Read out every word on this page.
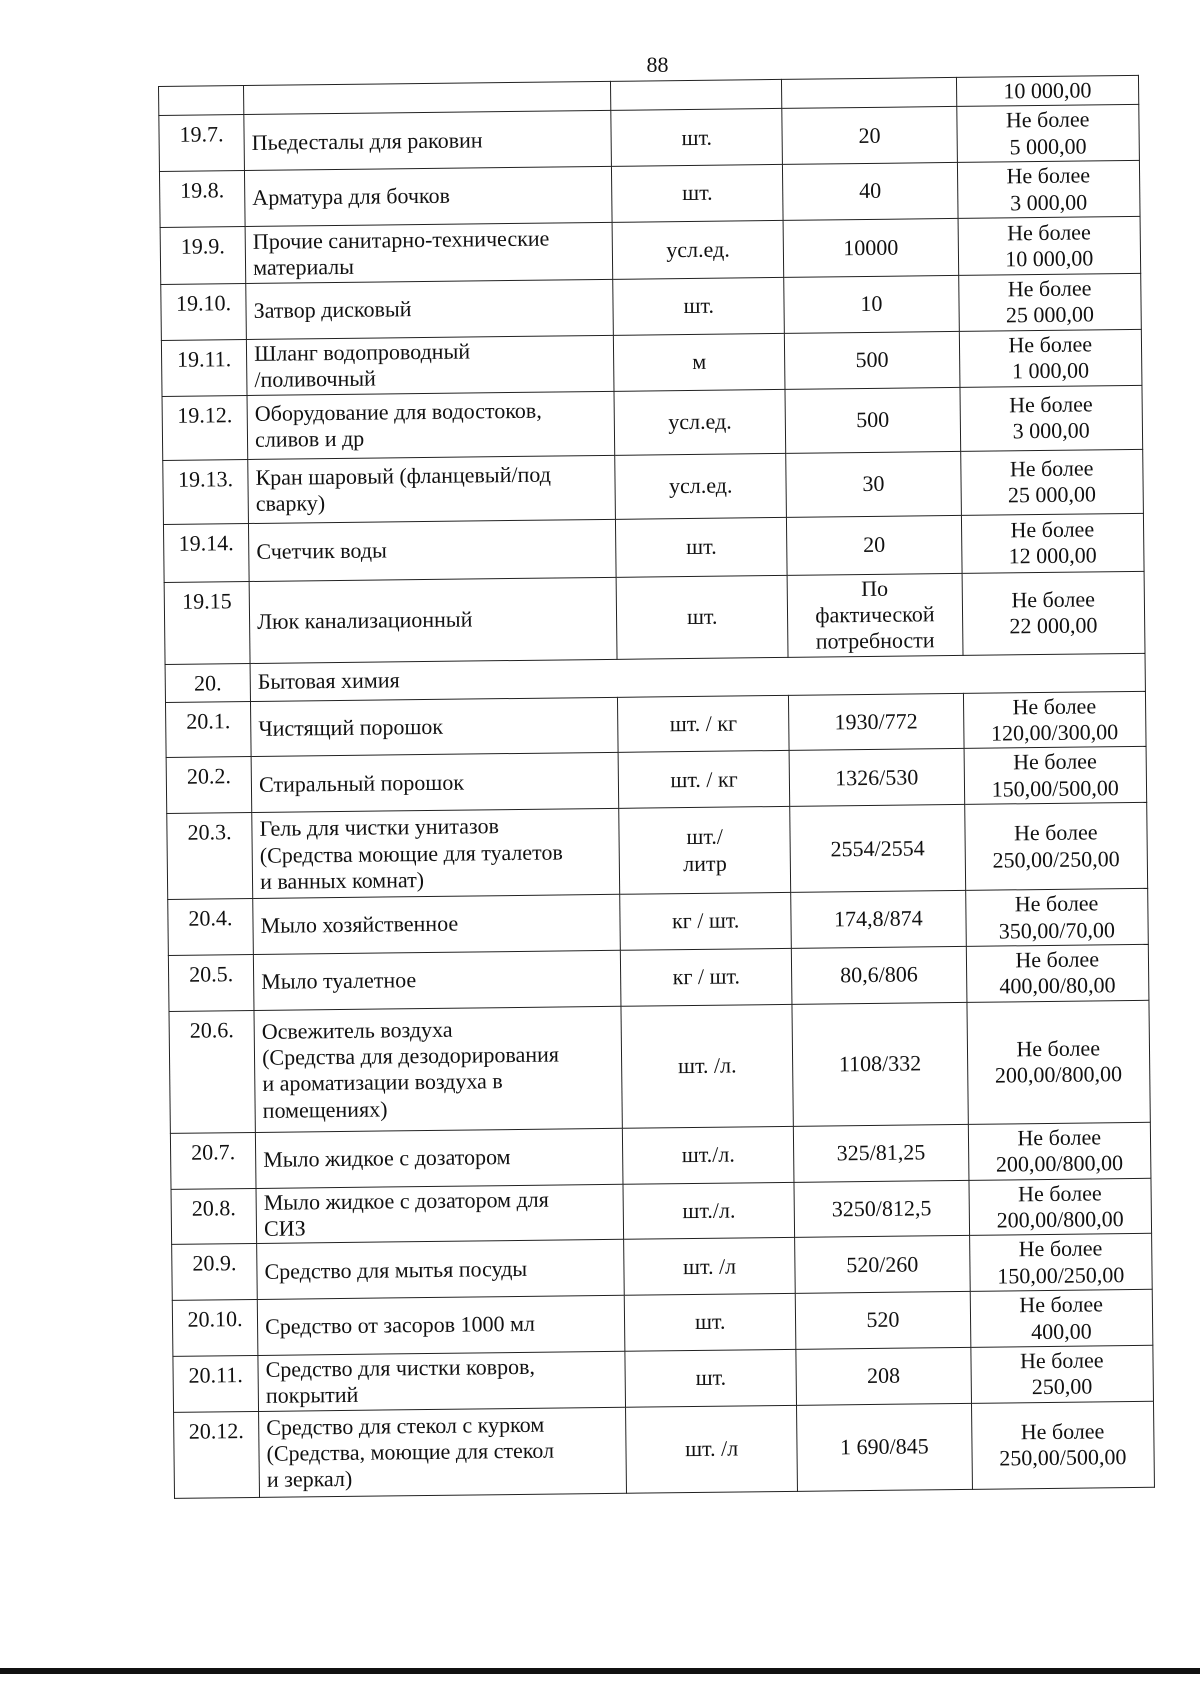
88
				10 000,00
19.7.	Пьедесталы для раковин	шт.	20	Не более
5 000,00
19.8.	Арматура для бочков	шт.	40	Не более
3 000,00
19.9.	Прочие санитарно-технические
материалы	усл.ед.	10000	Не более
10 000,00
19.10.	Затвор дисковый	шт.	10	Не более
25 000,00
19.11.	Шланг водопроводный
/поливочный	м	500	Не более
1 000,00
19.12.	Оборудование для водостоков,
сливов и др	усл.ед.	500	Не более
3 000,00
19.13.	Кран шаровый (фланцевый/под
сварку)	усл.ед.	30	Не более
25 000,00
19.14.	Счетчик воды	шт.	20	Не более
12 000,00
19.15	Люк канализационный	шт.	По
фактической
потребности	Не более
22 000,00
20.	Бытовая химия			
20.1.	Чистящий порошок	шт. / кг	1930/772	Не более
120,00/300,00
20.2.	Стиральный порошок	шт. / кг	1326/530	Не более
150,00/500,00
20.3.	Гель для чистки унитазов
(Средства моющие для туалетов
и ванных комнат)	шт./
литр	2554/2554	Не более
250,00/250,00
20.4.	Мыло хозяйственное	кг / шт.	174,8/874	Не более
350,00/70,00
20.5.	Мыло туалетное	кг / шт.	80,6/806	Не более
400,00/80,00
20.6.	Освежитель воздуха
(Средства для дезодорирования
и ароматизации воздуха в
помещениях)	шт. /л.	1108/332	Не более
200,00/800,00
20.7.	Мыло жидкое с дозатором	шт./л.	325/81,25	Не более
200,00/800,00
20.8.	Мыло жидкое с дозатором для
СИЗ	шт./л.	3250/812,5	Не более
200,00/800,00
20.9.	Средство для мытья посуды	шт. /л	520/260	Не более
150,00/250,00
20.10.	Средство от засоров 1000 мл	шт.	520	Не более
400,00
20.11.	Средство для чистки ковров,
покрытий	шт.	208	Не более
250,00
20.12.	Средство для стекол с курком
(Средства, моющие для стекол
и зеркал)	шт. /л	1 690/845	Не более
250,00/500,00
